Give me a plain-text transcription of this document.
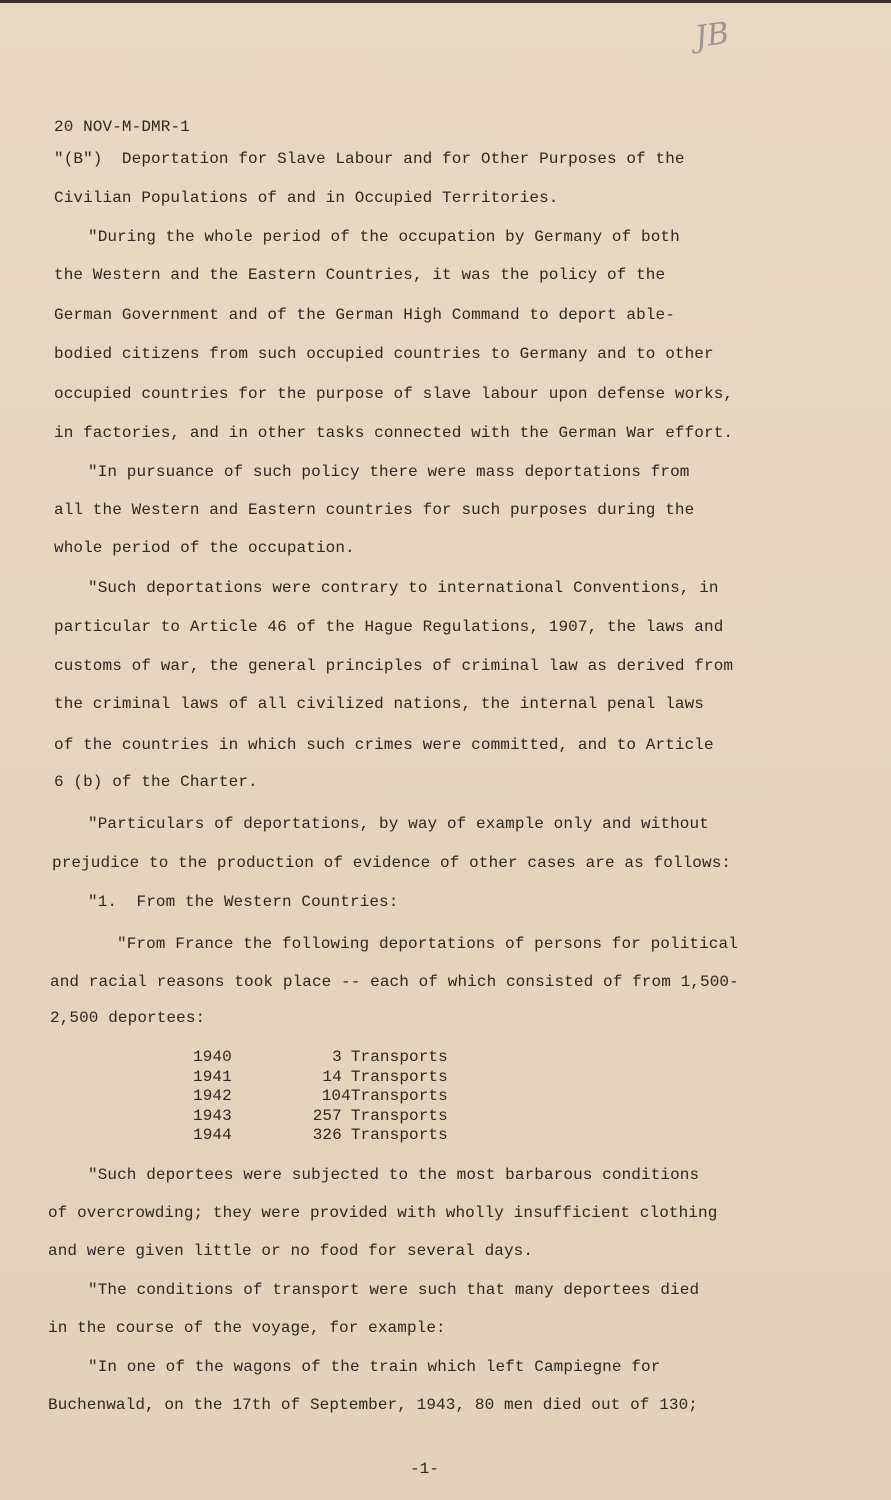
JB
20 NOV-M-DMR-1
"(B")  Deportation for Slave Labour and for Other Purposes of the
Civilian Populations of and in Occupied Territories.
"During the whole period of the occupation by Germany of both
the Western and the Eastern Countries, it was the policy of the
German Government and of the German High Command to deport able-
bodied citizens from such occupied countries to Germany and to other
occupied countries for the purpose of slave labour upon defense works,
in factories, and in other tasks connected with the German War effort.
"In pursuance of such policy there were mass deportations from
all the Western and Eastern countries for such purposes during the
whole period of the occupation.
"Such deportations were contrary to international Conventions, in
particular to Article 46 of the Hague Regulations, 1907, the laws and
customs of war, the general principles of criminal law as derived from
the criminal laws of all civilized nations, the internal penal laws
of the countries in which such crimes were committed, and to Article
6 (b) of the Charter.
"Particulars of deportations, by way of example only and without
prejudice to the production of evidence of other cases are as follows:
"1.  From the Western Countries:
"From France the following deportations of persons for political
and racial reasons took place -- each of which consisted of from 1,500-
2,500 deportees:
1940	3 Transports
1941	14 Transports
1942	104Transports
1943	257 Transports
1944	326 Transports
"Such deportees were subjected to the most barbarous conditions
of overcrowding; they were provided with wholly insufficient clothing
and were given little or no food for several days.
"The conditions of transport were such that many deportees died
in the course of the voyage, for example:
"In one of the wagons of the train which left Campiegne for
Buchenwald, on the 17th of September, 1943, 80 men died out of 130;
-1-
